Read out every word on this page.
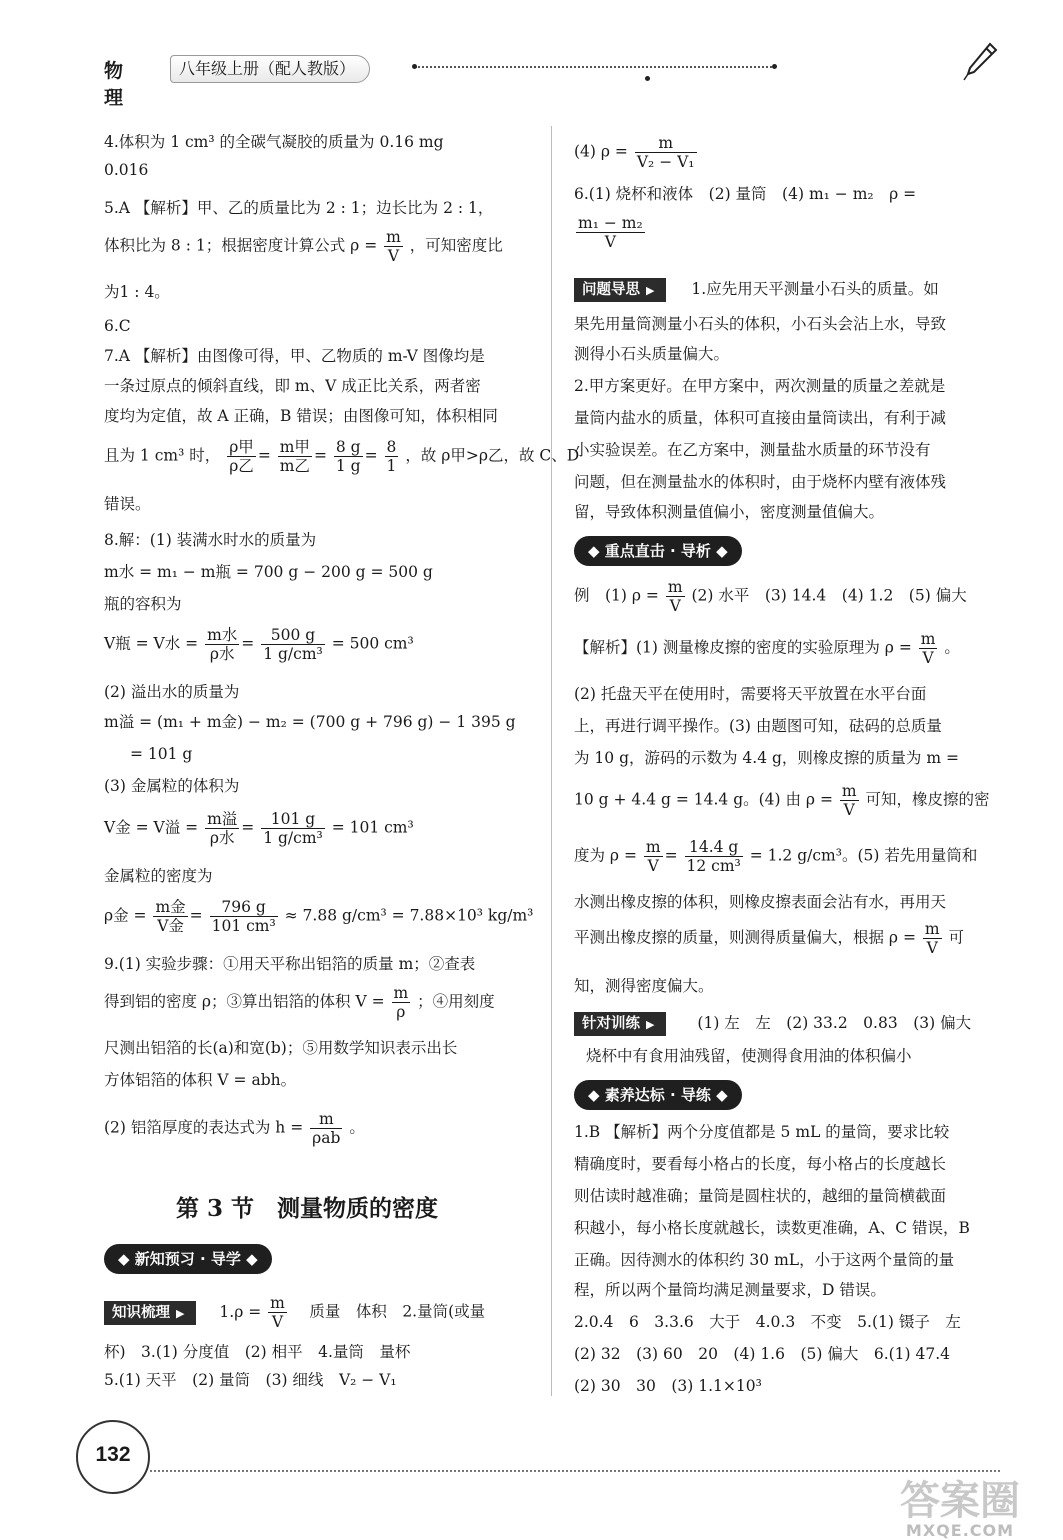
物理
八年级上册（配人教版）
4.体积为 1 cm³ 的全碳气凝胶的质量为 0.16 mg
0.016
5.A 【解析】甲、乙的质量比为 2 : 1；边长比为 2 : 1，
体积比为 8 : 1；根据密度计算公式 $\rho = \frac{m}{V}$ ，可知密度比
为1 : 4。
6.C
7.A 【解析】由图像可得，甲、乙物质的 m-V 图像均是
一条过原点的倾斜直线，即 m、V 成正比关系，两者密
度均为定值，故 A 正确，B 错误；由图像可知，体积相同
且为 1 cm³ 时， $\frac{\text{ρ甲}}{\text{ρ乙}} = \frac{\text{m甲}}{\text{m乙}} = \frac{8 g}{1 g} = \frac{8}{1}$ ，故 ρ甲>ρ乙，故 C、D
错误。
8.解：(1) 装满水时水的质量为
m水 = m₁ − m瓶 = 700 g − 200 g = 500 g
瓶的容积为
V瓶 = V水 = $\frac{\text{m水}}{\text{ρ水}} = \frac{500 g}{\text{1 g/cm³}} = 500$ cm³
(2) 溢出水的质量为
m溢 = (m₁ + m金) − m₂ = (700 g + 796 g) − 1 395 g
= 101 g
(3) 金属粒的体积为
V金 = V溢 = $\frac{\text{m溢}}{\text{ρ水}} = \frac{101 g}{\text{1 g/cm³}} = 101$ cm³
金属粒的密度为
ρ金 = $\frac{\text{m金}}{\text{V金}} = \frac{796 g}{\text{101 cm³}} \approx 7.88$ g/cm³ = 7.88×10³ kg/m³
9.(1) 实验步骤：①用天平称出铝箔的质量 m；②查表
得到铝的密度 ρ；③算出铝箔的体积 $V = \frac{m}{\rho}$ ；④用刻度
尺测出铝箔的长(a)和宽(b)；⑤用数学知识表示出长
方体铝箔的体积 V = abh。
(2) 铝箔厚度的表达式为 $h = \frac{m}{\text{ρab}}$ 。
第 3 节　测量物质的密度
◆ 新知预习 · 导学 ◆
知识梳理 ▶	$1.\rho = \frac{m}{V}$ 　质量　体积　2.量筒(或量
杯)　3.(1) 分度值　(2) 相平　4.量筒　量杯
5.(1) 天平　(2) 量筒　(3) 细线　V₂ − V₁
(4) $\rho = \frac{m}{\text{V₂ − V₁}}$
6.(1) 烧杯和液体　(2) 量筒　(4) m₁ − m₂　ρ =
$\frac{\text{m₁ − m₂}}{V}$
问题导思 ▶	1.应先用天平测量小石头的质量。如
果先用量筒测量小石头的体积，小石头会沾上水，导致
测得小石头质量偏大。
2.甲方案更好。在甲方案中，两次测量的质量之差就是
量筒内盐水的质量，体积可直接由量筒读出，有利于减
小实验误差。在乙方案中，测量盐水质量的环节没有
问题，但在测量盐水的体积时，由于烧杯内壁有液体残
留，导致体积测量值偏小，密度测量值偏大。
◆ 重点直击 · 导析 ◆
例　(1) $\rho = \frac{m}{V} (2)$ 水平　(3) 14.4　(4) 1.2　(5) 偏大
【解析】(1) 测量橡皮擦的密度的实验原理为 $\rho = \frac{m}{V}$ 。
(2) 托盘天平在使用时，需要将天平放置在水平台面
上，再进行调平操作。(3) 由题图可知，砝码的总质量
为 10 g，游码的示数为 4.4 g，则橡皮擦的质量为 m =
10 g + 4.4 g = 14.4 g。(4) 由 $\rho = \frac{m}{V}$ 可知，橡皮擦的密
度为 $\rho = \frac{m}{V} = \frac{14.4 g}{\text{12 cm³}} = 1.2$ g/cm³。(5) 若先用量筒和
水测出橡皮擦的体积，则橡皮擦表面会沾有水，再用天
平测出橡皮擦的质量，则测得质量偏大，根据 $\rho = \frac{m}{V}$ 可
知，测得密度偏大。
针对训练 ▶	(1) 左　左　(2) 33.2　0.83　(3) 偏大
烧杯中有食用油残留，使测得食用油的体积偏小
◆ 素养达标 · 导练 ◆
1.B 【解析】两个分度值都是 5 mL 的量筒，要求比较
精确度时，要看每小格占的长度，每小格占的长度越长
则估读时越准确；量筒是圆柱状的，越细的量筒横截面
积越小，每小格长度就越长，读数更准确，A、C 错误，B
正确。因待测水的体积约 30 mL，小于这两个量筒的量
程，所以两个量筒均满足测量要求，D 错误。
2.0.4　6　3.3.6　大于　4.0.3　不变　5.(1) 镊子　左
(2) 32　(3) 60　20　(4) 1.6　(5) 偏大　6.(1) 47.4
(2) 30　30　(3) 1.1×10³
132
答案圈
MXQE.COM
